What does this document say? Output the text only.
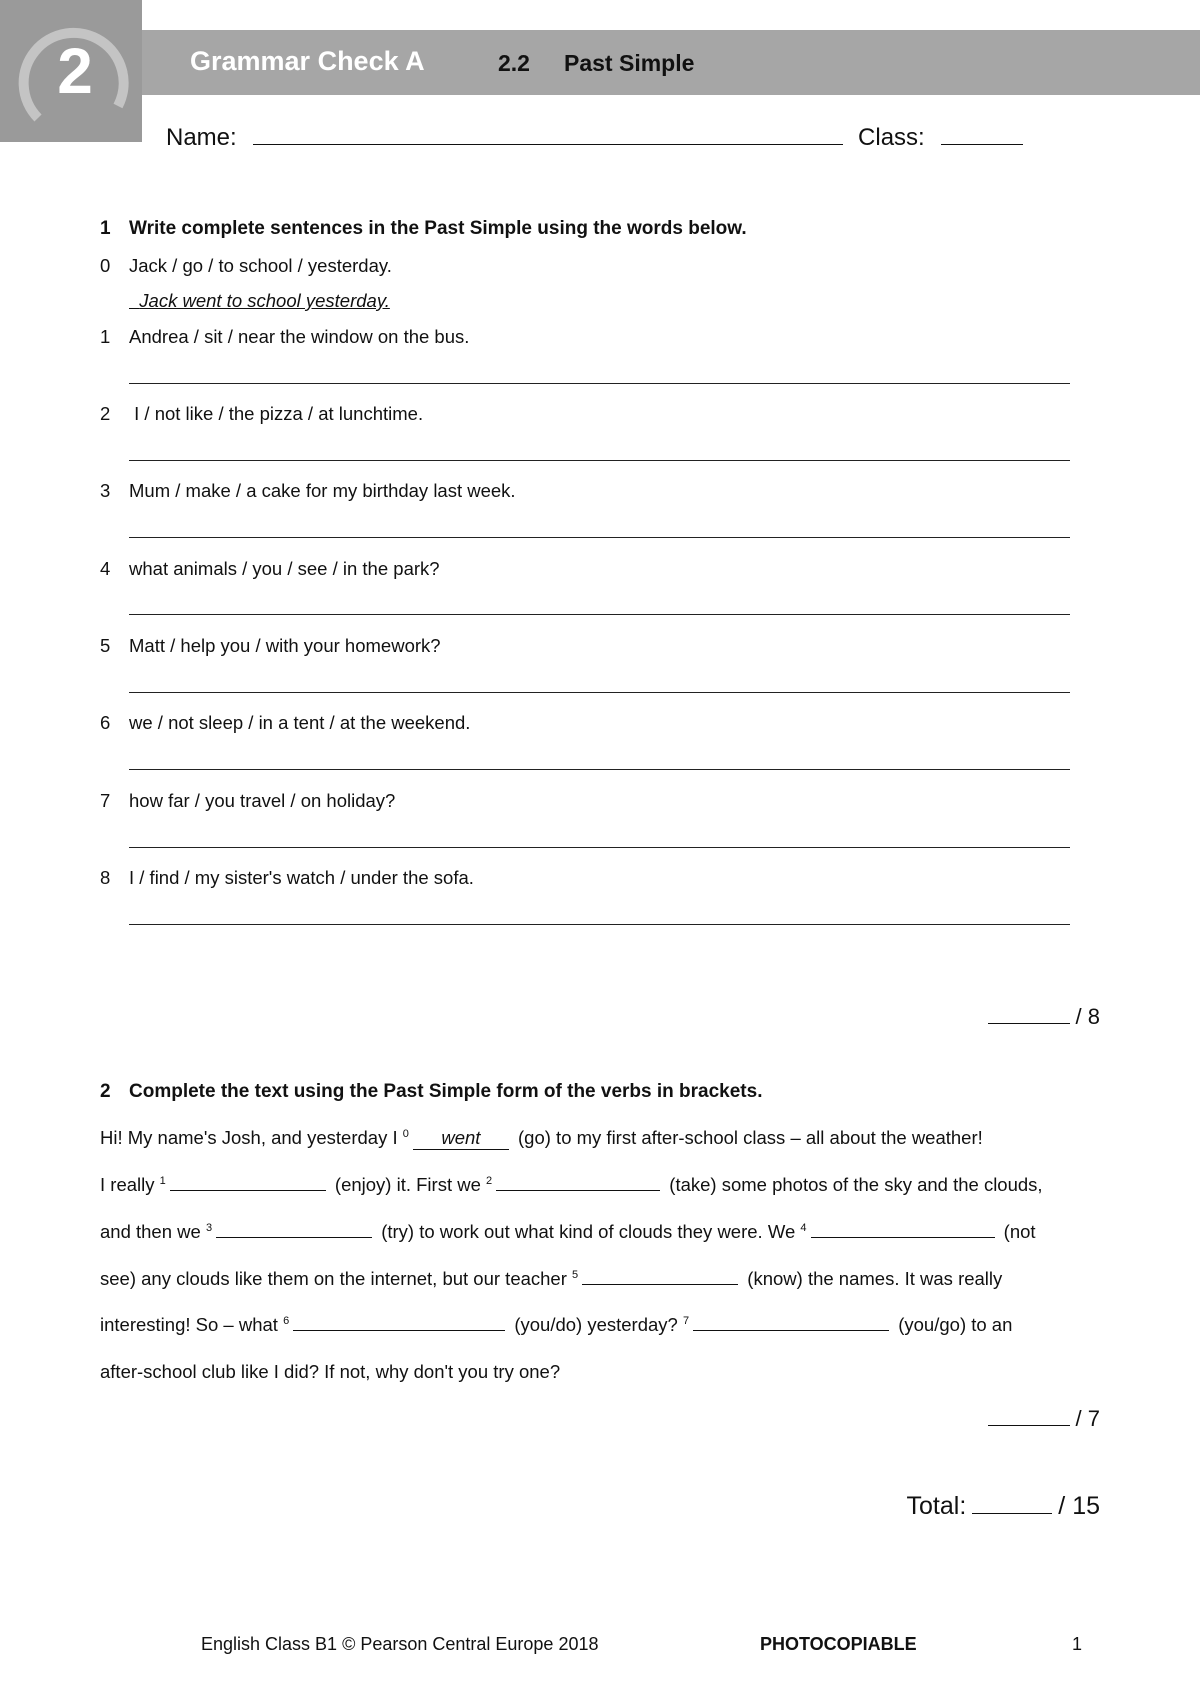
2	Grammar Check A	2.2 Past Simple
Name:	Class:
1 Write complete sentences in the Past Simple using the words below.
0 Jack / go / to school / yesterday.
Jack went to school yesterday.
1 Andrea / sit / near the window on the bus.
2 I / not like / the pizza / at lunchtime.
3 Mum / make / a cake for my birthday last week.
4 what animals / you / see / in the park?
5 Matt / help you / with your homework?
6 we / not sleep / in a tent / at the weekend.
7 how far / you travel / on holiday?
8 I / find / my sister's watch / under the sofa.
/ 8
2 Complete the text using the Past Simple form of the verbs in brackets.
Hi! My name's Josh, and yesterday I $^0$ went (go) to my first after-school class – all about the weather!
I really $^1$	(enjoy) it. First we $^2$	(take) some photos of the sky and the clouds,
and then we $^3$	(try) to work out what kind of clouds they were. We $^4$	(not
see) any clouds like them on the internet, but our teacher $^5$	(know) the names. It was really
interesting! So – what $^6$	(you/do) yesterday? $^7$	(you/go) to an
after-school club like I did? If not, why don't you try one?
/ 7
Total:	/ 15
English Class B1 © Pearson Central Europe 2018	PHOTOCOPIABLE	1
